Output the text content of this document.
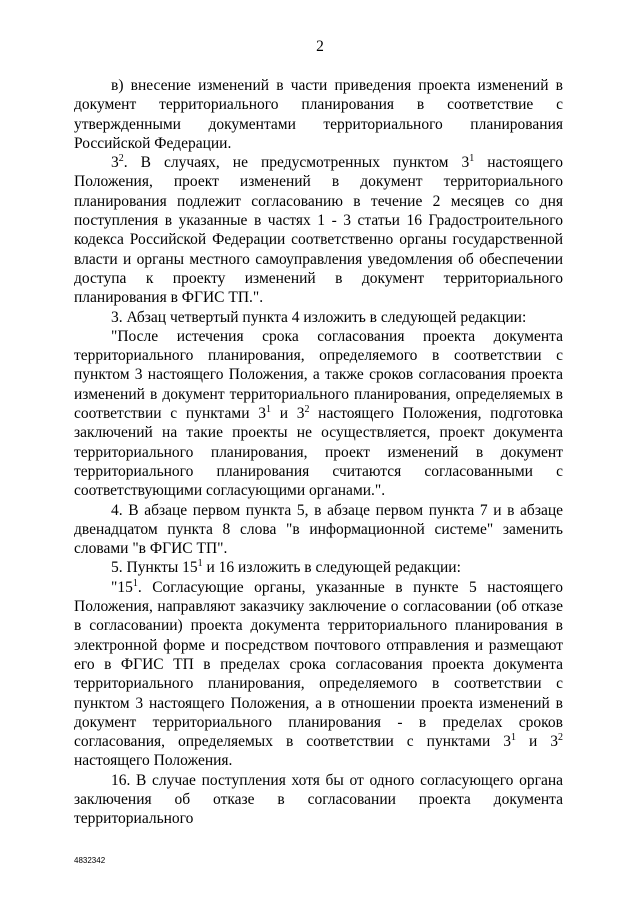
2

в) внесение изменений в части приведения проекта изменений в документ территориального планирования в соответствие с утвержденными документами территориального планирования Российской Федерации.

$3^2$. В случаях, не предусмотренных пунктом $3^1$ настоящего Положения, проект изменений в документ территориального планирования подлежит согласованию в течение 2 месяцев со дня поступления в указанные в частях 1 - 3 статьи 16 Градостроительного кодекса Российской Федерации соответственно органы государственной власти и органы местного самоуправления уведомления об обеспечении доступа к проекту изменений в документ территориального планирования в ФГИС ТП.".

3. Абзац четвертый пункта 4 изложить в следующей редакции:

"После истечения срока согласования проекта документа территориального планирования, определяемого в соответствии с пунктом 3 настоящего Положения, а также сроков согласования проекта изменений в документ территориального планирования, определяемых в соответствии с пунктами $3^1$ и $3^2$ настоящего Положения, подготовка заключений на такие проекты не осуществляется, проект документа территориального планирования, проект изменений в документ территориального планирования считаются согласованными с соответствующими согласующими органами.".

4. В абзаце первом пункта 5, в абзаце первом пункта 7 и в абзаце двенадцатом пункта 8 слова "в информационной системе" заменить словами "в ФГИС ТП".

5. Пункты $15^1$ и 16 изложить в следующей редакции:

"$15^1$. Согласующие органы, указанные в пункте 5 настоящего Положения, направляют заказчику заключение о согласовании (об отказе в согласовании) проекта документа территориального планирования в электронной форме и посредством почтового отправления и размещают его в ФГИС ТП в пределах срока согласования проекта документа территориального планирования, определяемого в соответствии с пунктом 3 настоящего Положения, а в отношении проекта изменений в документ территориального планирования - в пределах сроков согласования, определяемых в соответствии с пунктами $3^1$ и $3^2$ настоящего Положения.

16. В случае поступления хотя бы от одного согласующего органа заключения об отказе в согласовании проекта документа территориального

4832342
